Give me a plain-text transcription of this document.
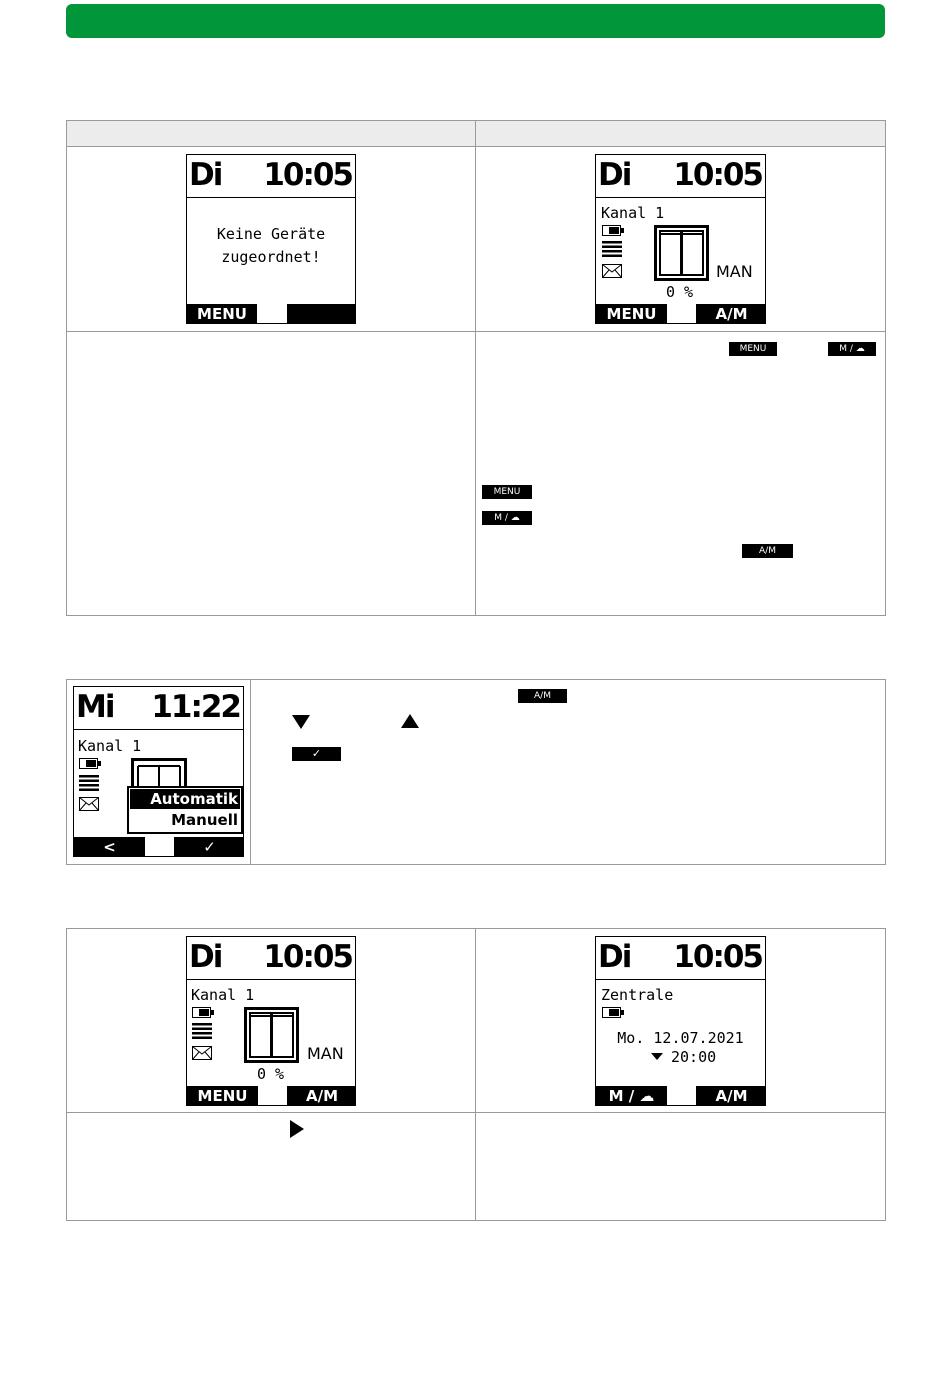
Di 10:05
Keine Geräte
zugeordnet!
MENU
Di 10:05
Kanal 1
MAN
0 %
MENU	A/M
MENU	M / ☁
MENU
M / ☁
A/M
Mi 11:22
Kanal 1
Automatik
Manuell
<	✓
A/M
✓
Di 10:05
Kanal 1
MAN
0 %
MENU	A/M
Di 10:05
Zentrale
Mo. 12.07.2021
20:00
M / ☁	A/M
